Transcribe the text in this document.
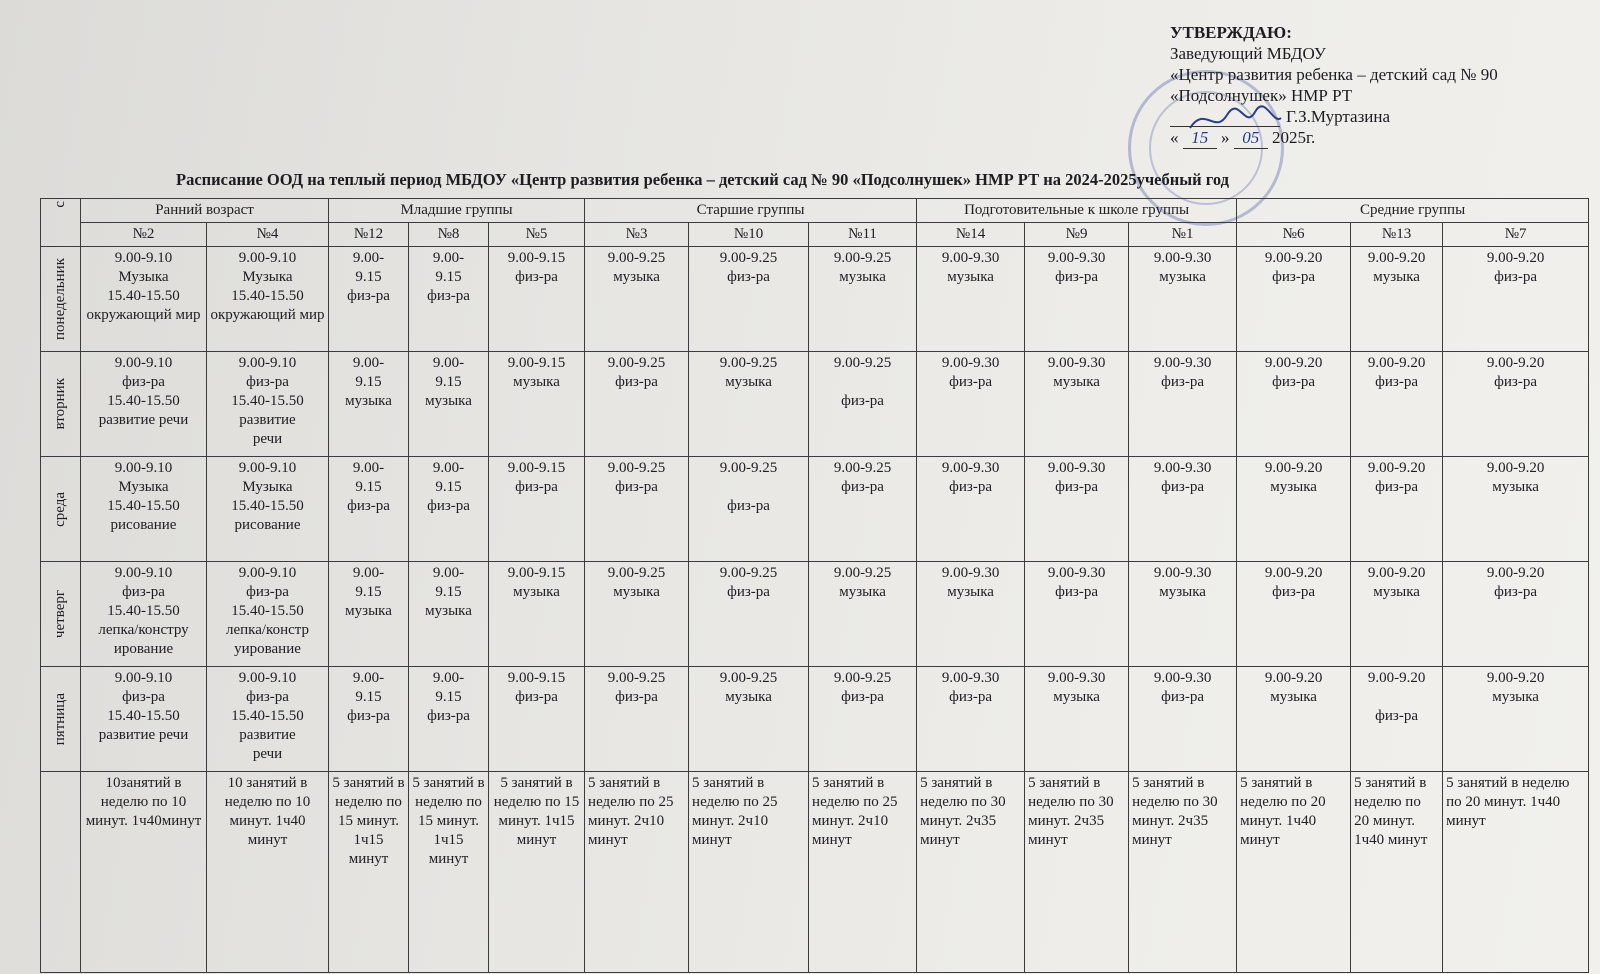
УТВЕРЖДАЮ:
Заведующий МБДОУ
«Центр развития ребенка – детский сад № 90
«Подсолнушек» НМР РТ
Г.З.Муртазина
« 15 » 05 2025г.
Расписание ООД на теплый период МБДОУ «Центр развития ребенка – детский сад № 90 «Подсолнушек» НМР РТ на 2024-2025учебный год
с	Ранний возраст		Младшие группы			Старшие группы			Подготовительные к школе группы			Средние группы		
	№2	№4	№12	№8	№5	№3	№10	№11	№14	№9	№1	№6	№13	№7

понедельник	9.00-9.10
Музыка
15.40-15.50
окружающий мир	9.00-9.10
Музыка
15.40-15.50
окружающий мир	9.00-
9.15
физ-ра	9.00-
9.15
физ-ра	9.00-9.15
физ-ра	9.00-9.25
музыка	9.00-9.25
физ-ра	9.00-9.25
музыка	9.00-9.30
музыка	9.00-9.30
физ-ра	9.00-9.30
музыка	9.00-9.20
физ-ра	9.00-9.20
музыка	9.00-9.20
физ-ра

вторник	9.00-9.10
физ-ра
15.40-15.50
развитие речи	9.00-9.10
физ-ра
15.40-15.50
развитие
речи	9.00-
9.15
музыка	9.00-
9.15
музыка	9.00-9.15
музыка	9.00-9.25
физ-ра	9.00-9.25
музыка	9.00-9.25

физ-ра	9.00-9.30
физ-ра	9.00-9.30
музыка	9.00-9.30
физ-ра	9.00-9.20
физ-ра	9.00-9.20
физ-ра	9.00-9.20
физ-ра

среда	9.00-9.10
Музыка
15.40-15.50
рисование	9.00-9.10
Музыка
15.40-15.50
рисование	9.00-
9.15
физ-ра	9.00-
9.15
физ-ра	9.00-9.15
физ-ра	9.00-9.25
физ-ра	9.00-9.25

физ-ра	9.00-9.25
физ-ра	9.00-9.30
физ-ра	9.00-9.30
физ-ра	9.00-9.30
физ-ра	9.00-9.20
музыка	9.00-9.20
физ-ра	9.00-9.20
музыка

четверг	9.00-9.10
физ-ра
15.40-15.50
лепка/констру
ирование	9.00-9.10
физ-ра
15.40-15.50
лепка/констр
уирование	9.00-
9.15
музыка	9.00-
9.15
музыка	9.00-9.15
музыка	9.00-9.25
музыка	9.00-9.25
физ-ра	9.00-9.25
музыка	9.00-9.30
музыка	9.00-9.30
физ-ра	9.00-9.30
музыка	9.00-9.20
физ-ра	9.00-9.20
музыка	9.00-9.20
физ-ра

пятница	9.00-9.10
физ-ра
15.40-15.50
развитие речи	9.00-9.10
физ-ра
15.40-15.50
развитие
речи	9.00-
9.15
физ-ра	9.00-
9.15
физ-ра	9.00-9.15
физ-ра	9.00-9.25
физ-ра	9.00-9.25
музыка	9.00-9.25
физ-ра	9.00-9.30
физ-ра	9.00-9.30
музыка	9.00-9.30
физ-ра	9.00-9.20
музыка	9.00-9.20

физ-ра	9.00-9.20
музыка
	10занятий в неделю по 10 минут. 1ч40минут	10 занятий в неделю по 10 минут. 1ч40 минут	5 занятий в неделю по 15 минут. 1ч15 минут	5 занятий в неделю по 15 минут. 1ч15 минут	5 занятий в неделю по 15 минут. 1ч15 минут	5 занятий в неделю по 25 минут. 2ч10 минут	5 занятий в неделю по 25 минут. 2ч10 минут	5 занятий в неделю по 25 минут. 2ч10 минут	5 занятий в неделю по 30 минут. 2ч35 минут	5 занятий в неделю по 30 минут. 2ч35 минут	5 занятий в неделю по 30 минут. 2ч35 минут	5 занятий в неделю по 20 минут. 1ч40 минут	5 занятий в неделю по 20 минут. 1ч40 минут	5 занятий в неделю по 20 минут. 1ч40 минут
